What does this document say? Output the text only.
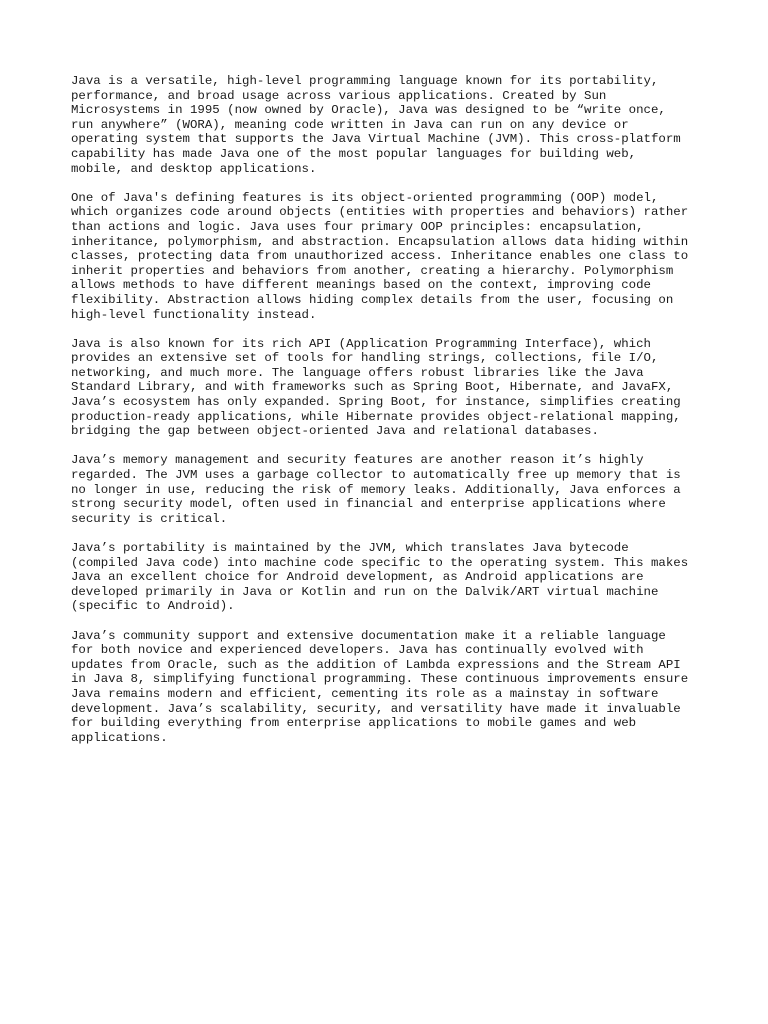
Java is a versatile, high-level programming language known for its portability,
performance, and broad usage across various applications. Created by Sun
Microsystems in 1995 (now owned by Oracle), Java was designed to be “write once,
run anywhere” (WORA), meaning code written in Java can run on any device or
operating system that supports the Java Virtual Machine (JVM). This cross-platform
capability has made Java one of the most popular languages for building web,
mobile, and desktop applications.
One of Java's defining features is its object-oriented programming (OOP) model,
which organizes code around objects (entities with properties and behaviors) rather
than actions and logic. Java uses four primary OOP principles: encapsulation,
inheritance, polymorphism, and abstraction. Encapsulation allows data hiding within
classes, protecting data from unauthorized access. Inheritance enables one class to
inherit properties and behaviors from another, creating a hierarchy. Polymorphism
allows methods to have different meanings based on the context, improving code
flexibility. Abstraction allows hiding complex details from the user, focusing on
high-level functionality instead.
Java is also known for its rich API (Application Programming Interface), which
provides an extensive set of tools for handling strings, collections, file I/O,
networking, and much more. The language offers robust libraries like the Java
Standard Library, and with frameworks such as Spring Boot, Hibernate, and JavaFX,
Java’s ecosystem has only expanded. Spring Boot, for instance, simplifies creating
production-ready applications, while Hibernate provides object-relational mapping,
bridging the gap between object-oriented Java and relational databases.
Java’s memory management and security features are another reason it’s highly
regarded. The JVM uses a garbage collector to automatically free up memory that is
no longer in use, reducing the risk of memory leaks. Additionally, Java enforces a
strong security model, often used in financial and enterprise applications where
security is critical.
Java’s portability is maintained by the JVM, which translates Java bytecode
(compiled Java code) into machine code specific to the operating system. This makes
Java an excellent choice for Android development, as Android applications are
developed primarily in Java or Kotlin and run on the Dalvik/ART virtual machine
(specific to Android).
Java’s community support and extensive documentation make it a reliable language
for both novice and experienced developers. Java has continually evolved with
updates from Oracle, such as the addition of Lambda expressions and the Stream API
in Java 8, simplifying functional programming. These continuous improvements ensure
Java remains modern and efficient, cementing its role as a mainstay in software
development. Java’s scalability, security, and versatility have made it invaluable
for building everything from enterprise applications to mobile games and web
applications.
